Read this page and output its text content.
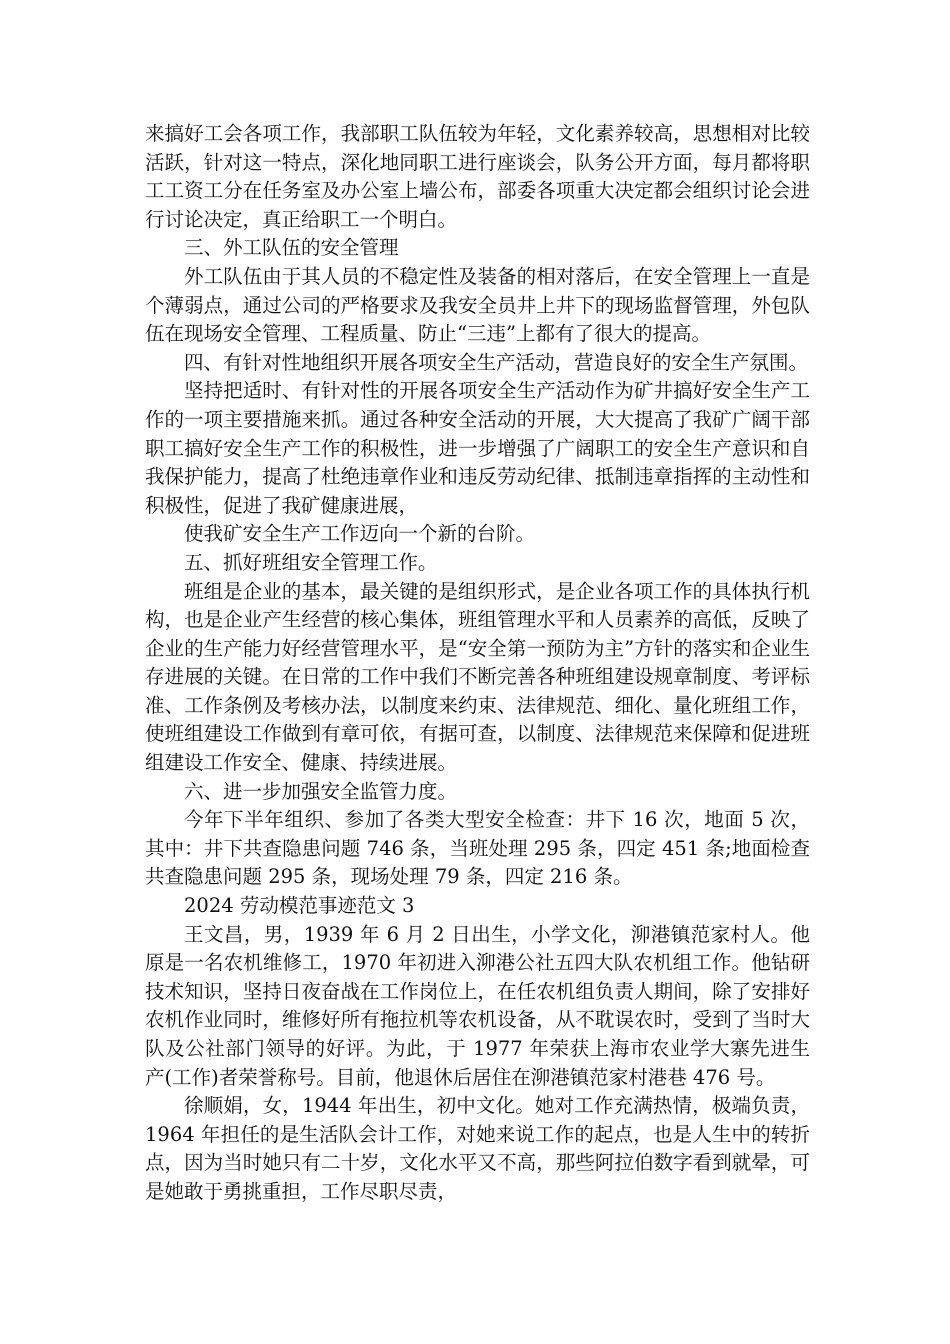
来搞好工会各项工作，我部职工队伍较为年轻，文化素养较高，思想相对比较活跃，针对这一特点，深化地同职工进行座谈会，队务公开方面，每月都将职工工资工分在任务室及办公室上墙公布，部委各项重大决定都会组织讨论会进行讨论决定，真正给职工一个明白。

三、外工队伍的安全管理

外工队伍由于其人员的不稳定性及装备的相对落后，在安全管理上一直是个薄弱点，通过公司的严格要求及我安全员井上井下的现场监督管理，外包队伍在现场安全管理、工程质量、防止“三违”上都有了很大的提高。

四、有针对性地组织开展各项安全生产活动，营造良好的安全生产氛围。

坚持把适时、有针对性的开展各项安全生产活动作为矿井搞好安全生产工作的一项主要措施来抓。通过各种安全活动的开展，大大提高了我矿广阔干部职工搞好安全生产工作的积极性，进一步增强了广阔职工的安全生产意识和自我保护能力，提高了杜绝违章作业和违反劳动纪律、抵制违章指挥的主动性和积极性，促进了我矿健康进展，

使我矿安全生产工作迈向一个新的台阶。

五、抓好班组安全管理工作。

班组是企业的基本，最关键的是组织形式，是企业各项工作的具体执行机构，也是企业产生经营的核心集体，班组管理水平和人员素养的高低，反映了企业的生产能力好经营管理水平，是“安全第一预防为主”方针的落实和企业生存进展的关键。在日常的工作中我们不断完善各种班组建设规章制度、考评标准、工作条例及考核办法，以制度来约束、法律规范、细化、量化班组工作，使班组建设工作做到有章可依，有据可查，以制度、法律规范来保障和促进班组建设工作安全、健康、持续进展。

六、进一步加强安全监管力度。

今年下半年组织、参加了各类大型安全检查：井下 16 次，地面 5 次，其中：井下共查隐患问题 746 条，当班处理 295 条，四定 451 条;地面检查共查隐患问题 295 条，现场处理 79 条，四定 216 条。

2024 劳动模范事迹范文 3

王文昌，男，1939 年 6 月 2 日出生，小学文化，泖港镇范家村人。他原是一名农机维修工，1970 年初进入泖港公社五四大队农机组工作。他钻研技术知识，坚持日夜奋战在工作岗位上，在任农机组负责人期间，除了安排好农机作业同时，维修好所有拖拉机等农机设备，从不耽误农时，受到了当时大队及公社部门领导的好评。为此，于 1977 年荣获上海市农业学大寨先进生产(工作)者荣誉称号。目前，他退休后居住在泖港镇范家村港巷 476 号。

徐顺娟，女，1944 年出生，初中文化。她对工作充满热情，极端负责，1964 年担任的是生活队会计工作，对她来说工作的起点，也是人生中的转折点，因为当时她只有二十岁，文化水平又不高，那些阿拉伯数字看到就晕，可是她敢于勇挑重担，工作尽职尽责，
